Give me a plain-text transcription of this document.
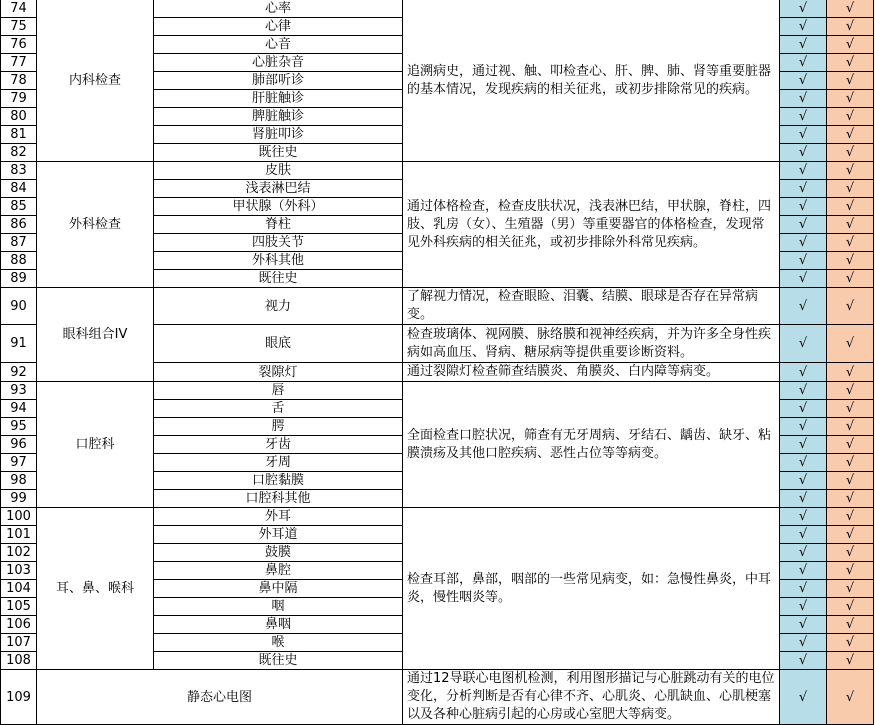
74	内科检查	心率	追溯病史，通过视、触、叩检查心、肝、脾、肺、肾等重要脏器的基本情况，发现疾病的相关征兆，或初步排除常见的疾病。	√	√
75		心律		√	√
76		心音		√	√
77		心脏杂音		√	√
78		肺部听诊		√	√
79		肝脏触诊		√	√
80		脾脏触诊		√	√
81		肾脏叩诊		√	√
82		既往史		√	√
83	外科检查	皮肤	通过体格检查，检查皮肤状况，浅表淋巴结，甲状腺，脊柱，四肢、乳房（女）、生殖器（男）等重要器官的体格检查，发现常见外科疾病的相关征兆，或初步排除外科常见疾病。	√	√
84		浅表淋巴结		√	√
85		甲状腺（外科）		√	√
86		脊柱		√	√
87		四肢关节		√	√
88		外科其他		√	√
89		既往史		√	√
90	眼科组合IV	视力	了解视力情况，检查眼睑、泪囊、结膜、眼球是否存在异常病变。	√	√
91		眼底	检查玻璃体、视网膜、脉络膜和视神经疾病，并为许多全身性疾病如高血压、肾病、糖尿病等提供重要诊断资料。	√	√
92		裂隙灯	通过裂隙灯检查筛查结膜炎、角膜炎、白内障等病变。	√	√
93	口腔科	唇	全面检查口腔状况，筛查有无牙周病、牙结石、龋齿、缺牙、粘膜溃疡及其他口腔疾病、恶性占位等等病变。	√	√
94		舌		√	√
95		腭		√	√
96		牙齿		√	√
97		牙周		√	√
98		口腔黏膜		√	√
99		口腔科其他		√	√
100	耳、鼻、喉科	外耳	检查耳部，鼻部，咽部的一些常见病变，如：急慢性鼻炎，中耳炎，慢性咽炎等。	√	√
101		外耳道		√	√
102		鼓膜		√	√
103		鼻腔		√	√
104		鼻中隔		√	√
105		咽		√	√
106		鼻咽		√	√
107		喉		√	√
108		既往史		√	√
109	静态心电图		通过12导联心电图机检测，利用图形描记与心脏跳动有关的电位变化，分析判断是否有心律不齐、心肌炎、心肌缺血、心肌梗塞以及各种心脏病引起的心房或心室肥大等病变。	√	√
